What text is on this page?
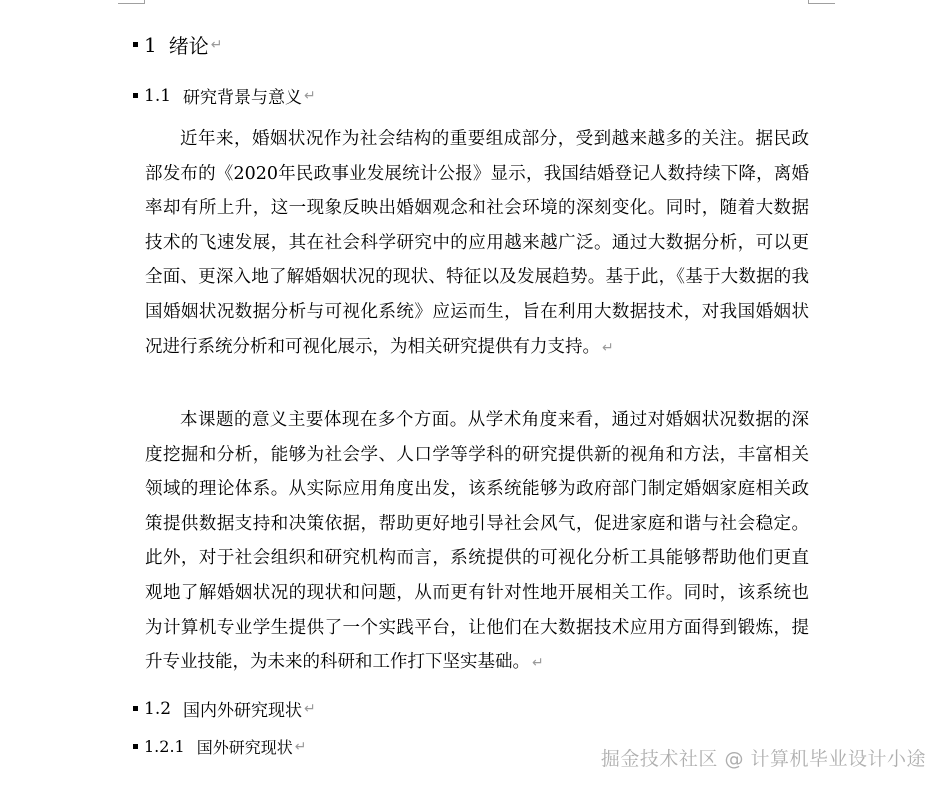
1 绪论 ↵
1.1 研究背景与意义 ↵
近年来，婚姻状况作为社会结构的重要组成部分，受到越来越多的关注。据民政部发布的《2020年民政事业发展统计公报》显示，我国结婚登记人数持续下降，离婚率却有所上升，这一现象反映出婚姻观念和社会环境的深刻变化。同时，随着大数据技术的飞速发展，其在社会科学研究中的应用越来越广泛。通过大数据分析，可以更全面、更深入地了解婚姻状况的现状、特征以及发展趋势。基于此，《基于大数据的我国婚姻状况数据分析与可视化系统》应运而生，旨在利用大数据技术，对我国婚姻状况进行系统分析和可视化展示，为相关研究提供有力支持。 ↵
本课题的意义主要体现在多个方面。从学术角度来看，通过对婚姻状况数据的深度挖掘和分析，能够为社会学、人口学等学科的研究提供新的视角和方法，丰富相关领域的理论体系。从实际应用角度出发，该系统能够为政府部门制定婚姻家庭相关政策提供数据支持和决策依据，帮助更好地引导社会风气，促进家庭和谐与社会稳定。此外，对于社会组织和研究机构而言，系统提供的可视化分析工具能够帮助他们更直观地了解婚姻状况的现状和问题，从而更有针对性地开展相关工作。同时，该系统也为计算机专业学生提供了一个实践平台，让他们在大数据技术应用方面得到锻炼，提升专业技能，为未来的科研和工作打下坚实基础。 ↵
1.2 国内外研究现状 ↵
1.2.1 国外研究现状 ↵
掘金技术社区 @ 计算机毕业设计小途
